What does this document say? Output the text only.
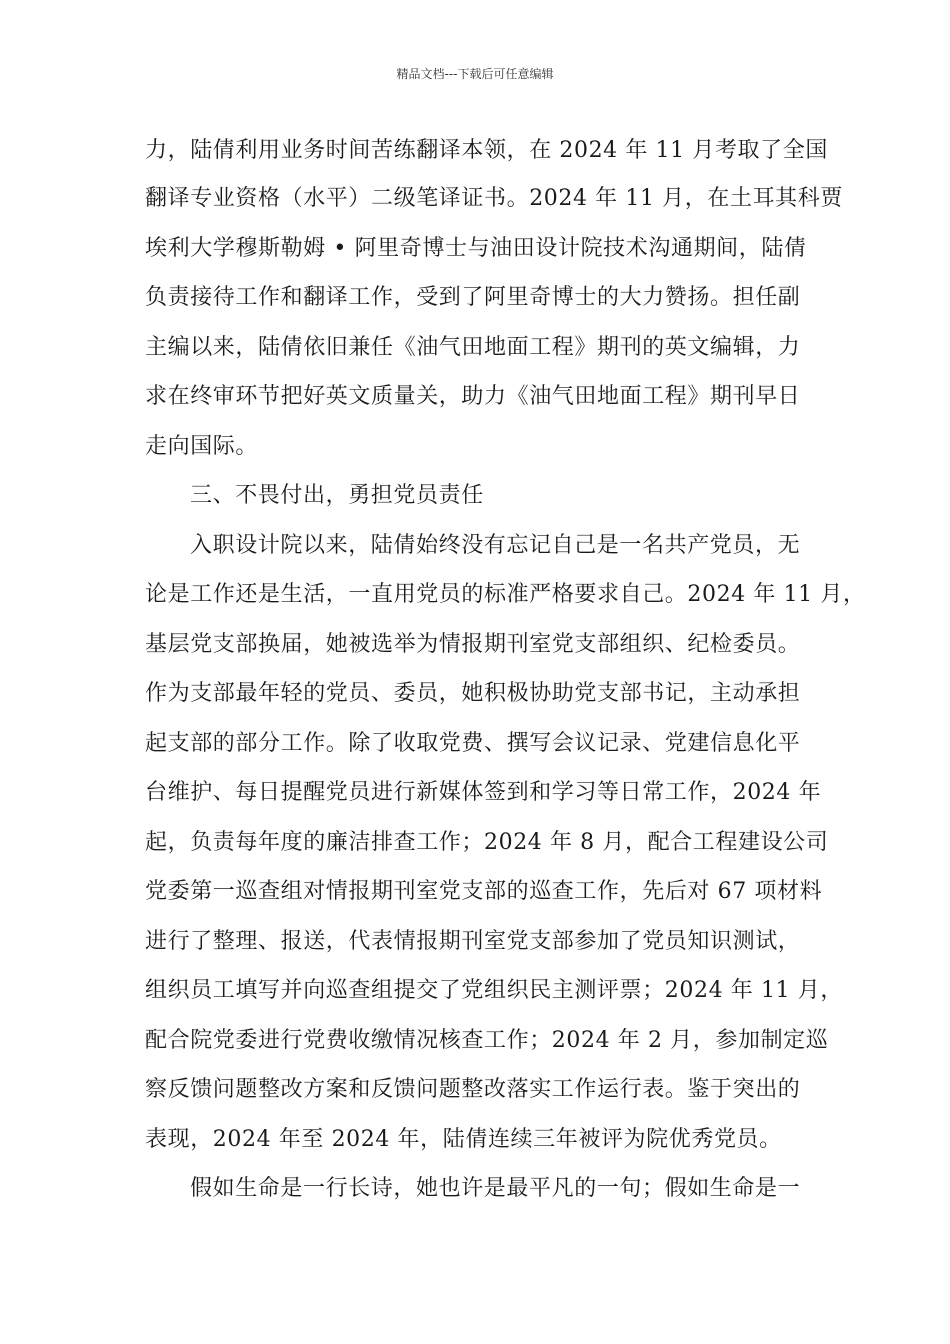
精品文档---下载后可任意编辑
力，陆倩利用业务时间苦练翻译本领，在 2024 年 11 月考取了全国
翻译专业资格（水平）二级笔译证书。2024 年 11 月，在土耳其科贾
埃利大学穆斯勒姆 • 阿里奇博士与油田设计院技术沟通期间，陆倩
负责接待工作和翻译工作，受到了阿里奇博士的大力赞扬。担任副
主编以来，陆倩依旧兼任《油气田地面工程》期刊的英文编辑，力
求在终审环节把好英文质量关，助力《油气田地面工程》期刊早日
走向国际。
三、不畏付出，勇担党员责任
入职设计院以来，陆倩始终没有忘记自己是一名共产党员，无
论是工作还是生活，一直用党员的标准严格要求自己。2024 年 11 月，
基层党支部换届，她被选举为情报期刊室党支部组织、纪检委员。
作为支部最年轻的党员、委员，她积极协助党支部书记，主动承担
起支部的部分工作。除了收取党费、撰写会议记录、党建信息化平
台维护、每日提醒党员进行新媒体签到和学习等日常工作，2024 年
起，负责每年度的廉洁排查工作；2024 年 8 月，配合工程建设公司
党委第一巡查组对情报期刊室党支部的巡查工作，先后对 67 项材料
进行了整理、报送，代表情报期刊室党支部参加了党员知识测试，
组织员工填写并向巡查组提交了党组织民主测评票；2024 年 11 月，
配合院党委进行党费收缴情况核查工作；2024 年 2 月，参加制定巡
察反馈问题整改方案和反馈问题整改落实工作运行表。鉴于突出的
表现，2024 年至 2024 年，陆倩连续三年被评为院优秀党员。
假如生命是一行长诗，她也许是最平凡的一句；假如生命是一
